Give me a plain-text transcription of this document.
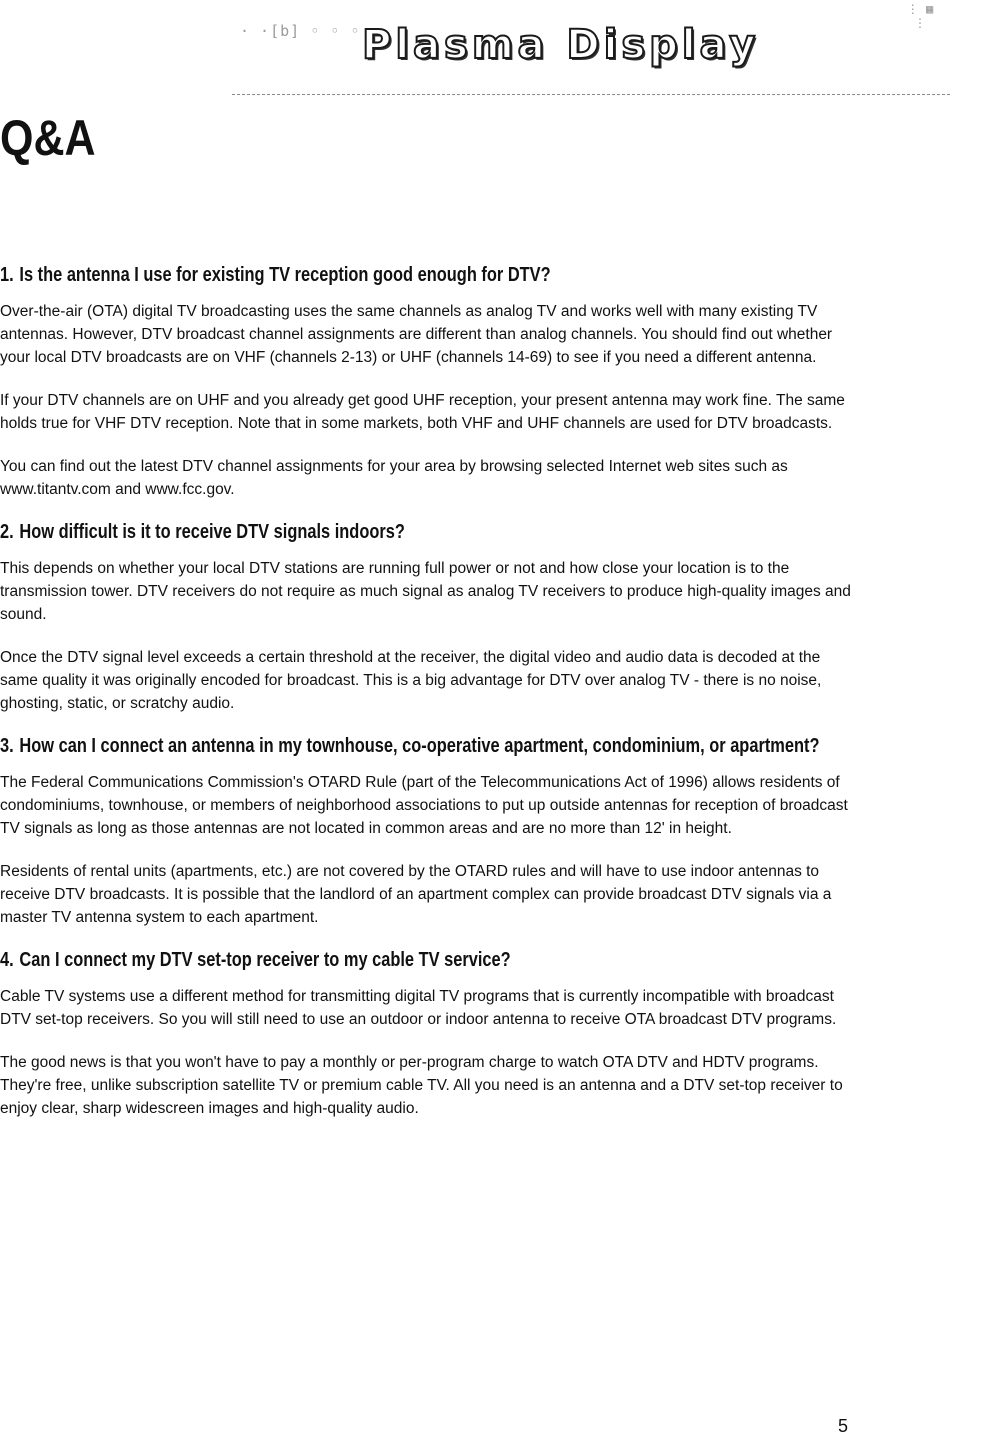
· ·[b] ◦ ◦ ◦ Plasma Display
⋮ ▦ ⋮
Q&A
1. Is the antenna I use for existing TV reception good enough for DTV?

Over-the-air (OTA) digital TV broadcasting uses the same channels as analog TV and works well with many existing TV antennas. However, DTV broadcast channel assignments are different than analog channels. You should find out whether your local DTV broadcasts are on VHF (channels 2-13) or UHF (channels 14-69) to see if you need a different antenna.

If your DTV channels are on UHF and you already get good UHF reception, your present antenna may work fine. The same holds true for VHF DTV reception. Note that in some markets, both VHF and UHF channels are used for DTV broadcasts.

You can find out the latest DTV channel assignments for your area by browsing selected Internet web sites such as www.titantv.com and www.fcc.gov.

2. How difficult is it to receive DTV signals indoors?

This depends on whether your local DTV stations are running full power or not and how close your location is to the transmission tower. DTV receivers do not require as much signal as analog TV receivers to produce high-quality images and sound.

Once the DTV signal level exceeds a certain threshold at the receiver, the digital video and audio data is decoded at the same quality it was originally encoded for broadcast. This is a big advantage for DTV over analog TV - there is no noise, ghosting, static, or scratchy audio.

3. How can I connect an antenna in my townhouse, co-operative apartment, condominium, or apartment?

The Federal Communications Commission's OTARD Rule (part of the Telecommunications Act of 1996) allows residents of condominiums, townhouse, or members of neighborhood associations to put up outside antennas for reception of broadcast TV signals as long as those antennas are not located in common areas and are no more than 12' in height.

Residents of rental units (apartments, etc.) are not covered by the OTARD rules and will have to use indoor antennas to receive DTV broadcasts. It is possible that the landlord of an apartment complex can provide broadcast DTV signals via a master TV antenna system to each apartment.

4. Can I connect my DTV set-top receiver to my cable TV service?

Cable TV systems use a different method for transmitting digital TV programs that is currently incompatible with broadcast DTV set-top receivers. So you will still need to use an outdoor or indoor antenna to receive OTA broadcast DTV programs.

The good news is that you won't have to pay a monthly or per-program charge to watch OTA DTV and HDTV programs. They're free, unlike subscription satellite TV or premium cable TV. All you need is an antenna and a DTV set-top receiver to enjoy clear, sharp widescreen images and high-quality audio.

5
